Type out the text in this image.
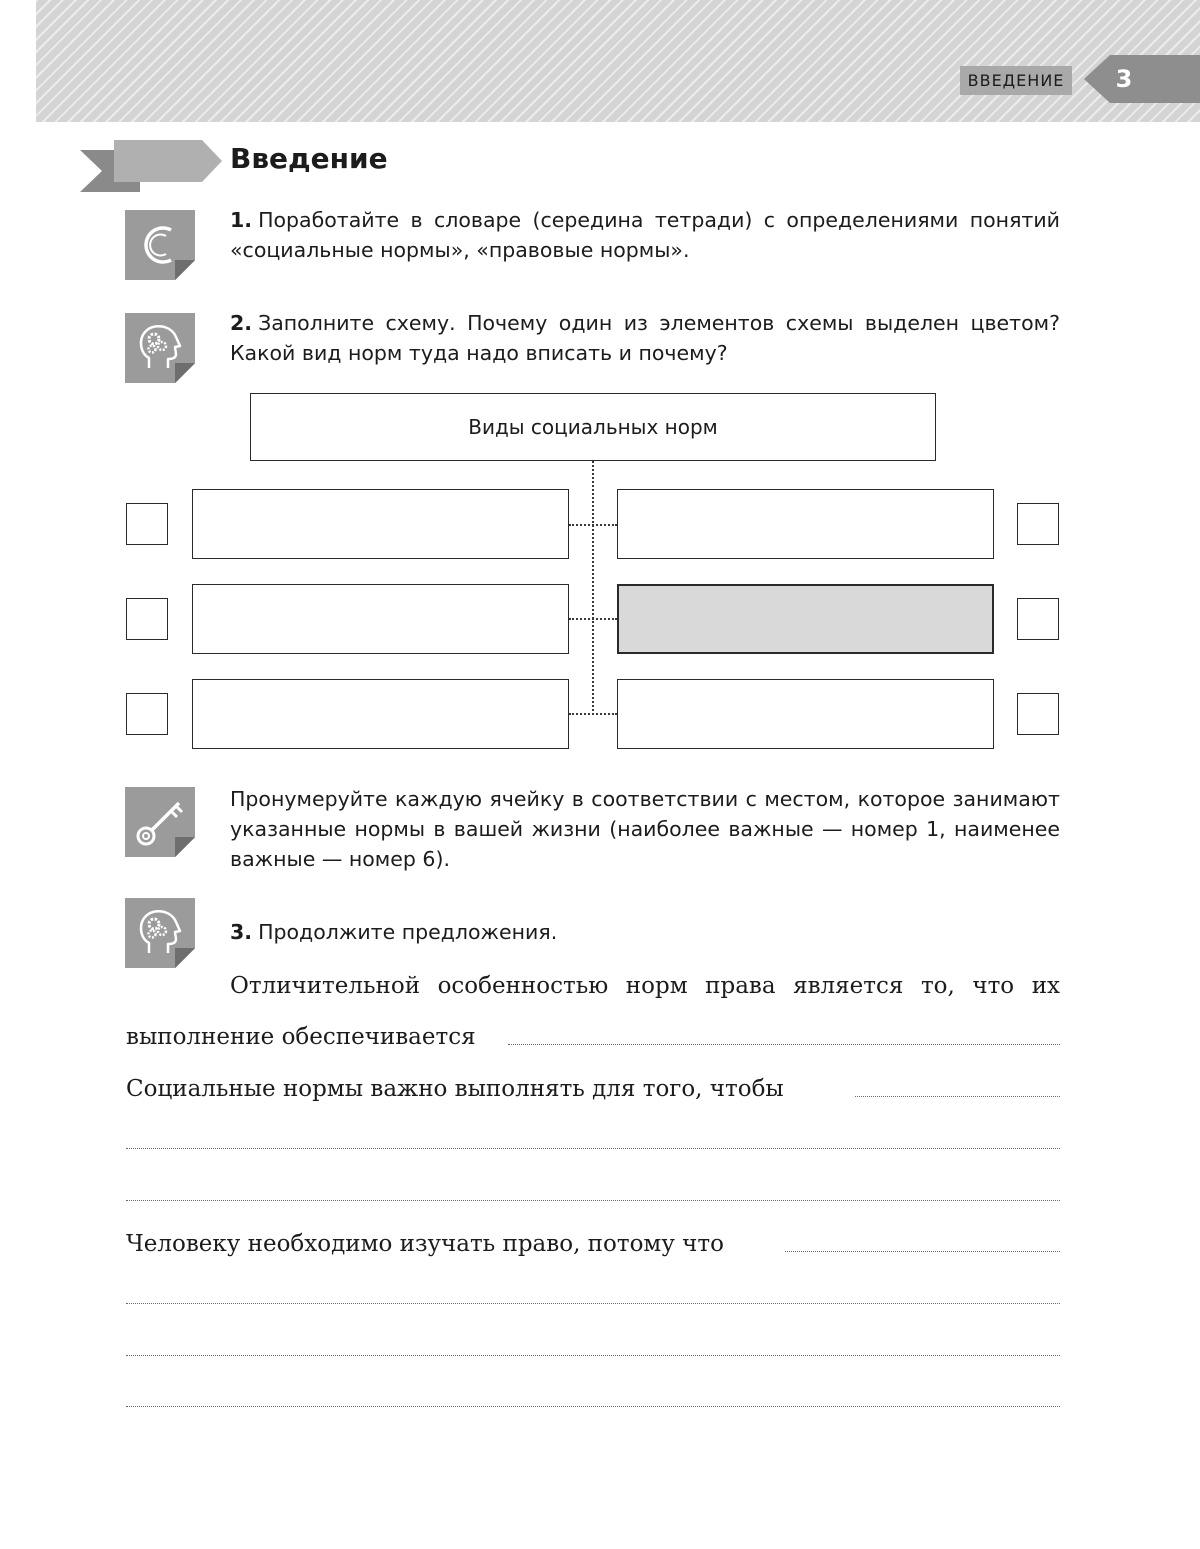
ВВЕДЕНИЕ	3
Введение

1. Поработайте в словаре (середина тетради) с определениями понятий «социальные нормы», «правовые нормы».

2. Заполните схему. Почему один из элементов схемы выделен цветом? Какой вид норм туда надо вписать и почему?

Виды социальных норм

Пронумеруйте каждую ячейку в соответствии с местом, которое занимают указанные нормы в вашей жизни (наиболее важные — номер 1, наименее важные — номер 6).

3. Продолжите предложения.

Отличительной особенностью норм права является то, что их
выполнение обеспечивается
Социальные нормы важно выполнять для того, чтобы
Человеку необходимо изучать право, потому что
